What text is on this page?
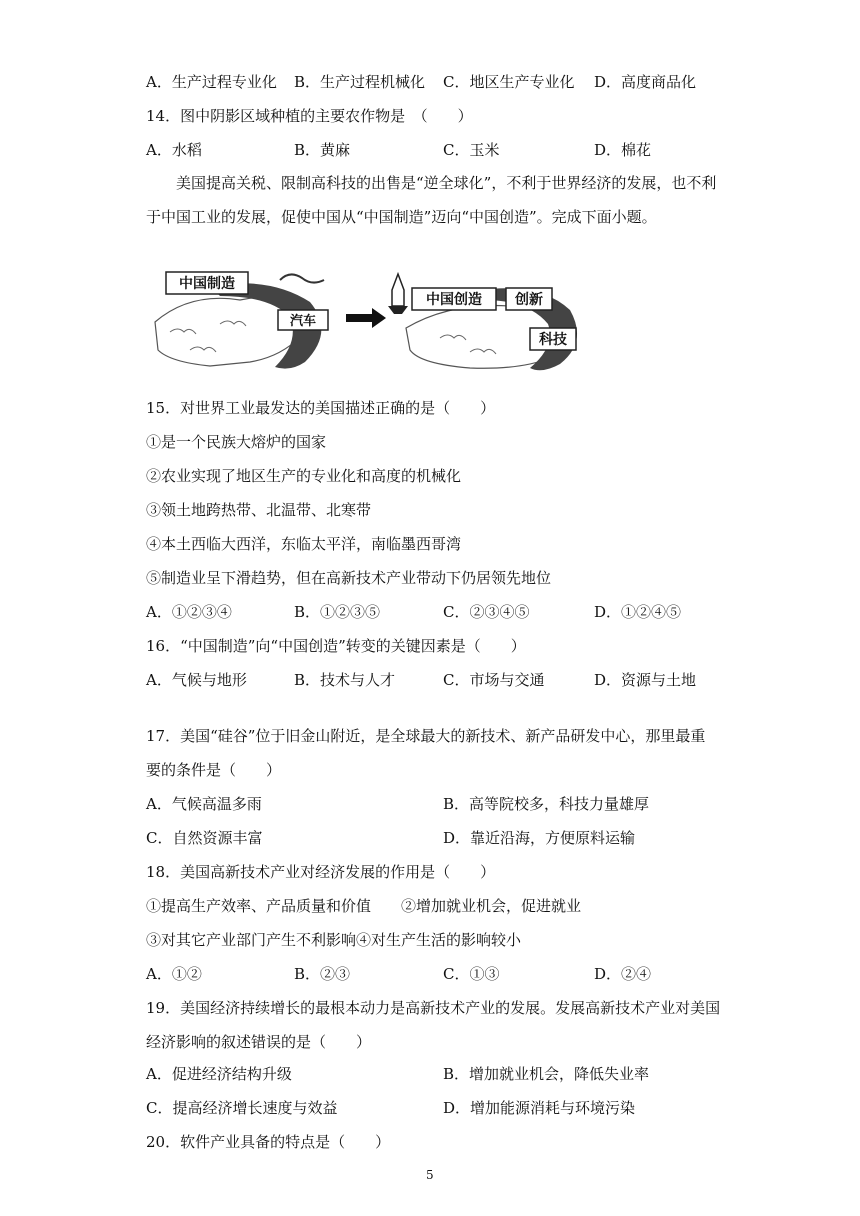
A．生产过程专业化 B．生产过程机械化 C．地区生产专业化 D．高度商品化
14．图中阴影区域种植的主要农作物是　（　　）
A．水稻	B．黄麻	C．玉米	D．棉花
美国提高关税、限制高科技的出售是“逆全球化”，不利于世界经济的发展，也不利于中国工业的发展，促使中国从“中国制造”迈向“中国创造”。完成下面小题。
中国制造
汽车
中国创造 创新
科技
15．对世界工业最发达的美国描述正确的是（　　）
①是一个民族大熔炉的国家
②农业实现了地区生产的专业化和高度的机械化
③领土地跨热带、北温带、北寒带
④本土西临大西洋，东临太平洋，南临墨西哥湾
⑤制造业呈下滑趋势，但在高新技术产业带动下仍居领先地位
A．①②③④	B．①②③⑤	C．②③④⑤	D．①②④⑤
16．“中国制造”向“中国创造”转变的关键因素是（　　）
A．气候与地形	B．技术与人才	C．市场与交通	D．资源与土地
17．美国“硅谷”位于旧金山附近，是全球最大的新技术、新产品研发中心，那里最重
要的条件是（　　）
A．气候高温多雨	B．高等院校多，科技力量雄厚
C．自然资源丰富	D．靠近沿海，方便原料运输
18．美国高新技术产业对经济发展的作用是（　　）
①提高生产效率、产品质量和价值　　②增加就业机会，促进就业
③对其它产业部门产生不利影响④对生产生活的影响较小
A．①②	B．②③	C．①③	D．②④
19．美国经济持续增长的最根本动力是高新技术产业的发展。发展高新技术产业对美国
经济影响的叙述错误的是（　　）
A．促进经济结构升级	B．增加就业机会，降低失业率
C．提高经济增长速度与效益	D．增加能源消耗与环境污染
20．软件产业具备的特点是（　　）
5
